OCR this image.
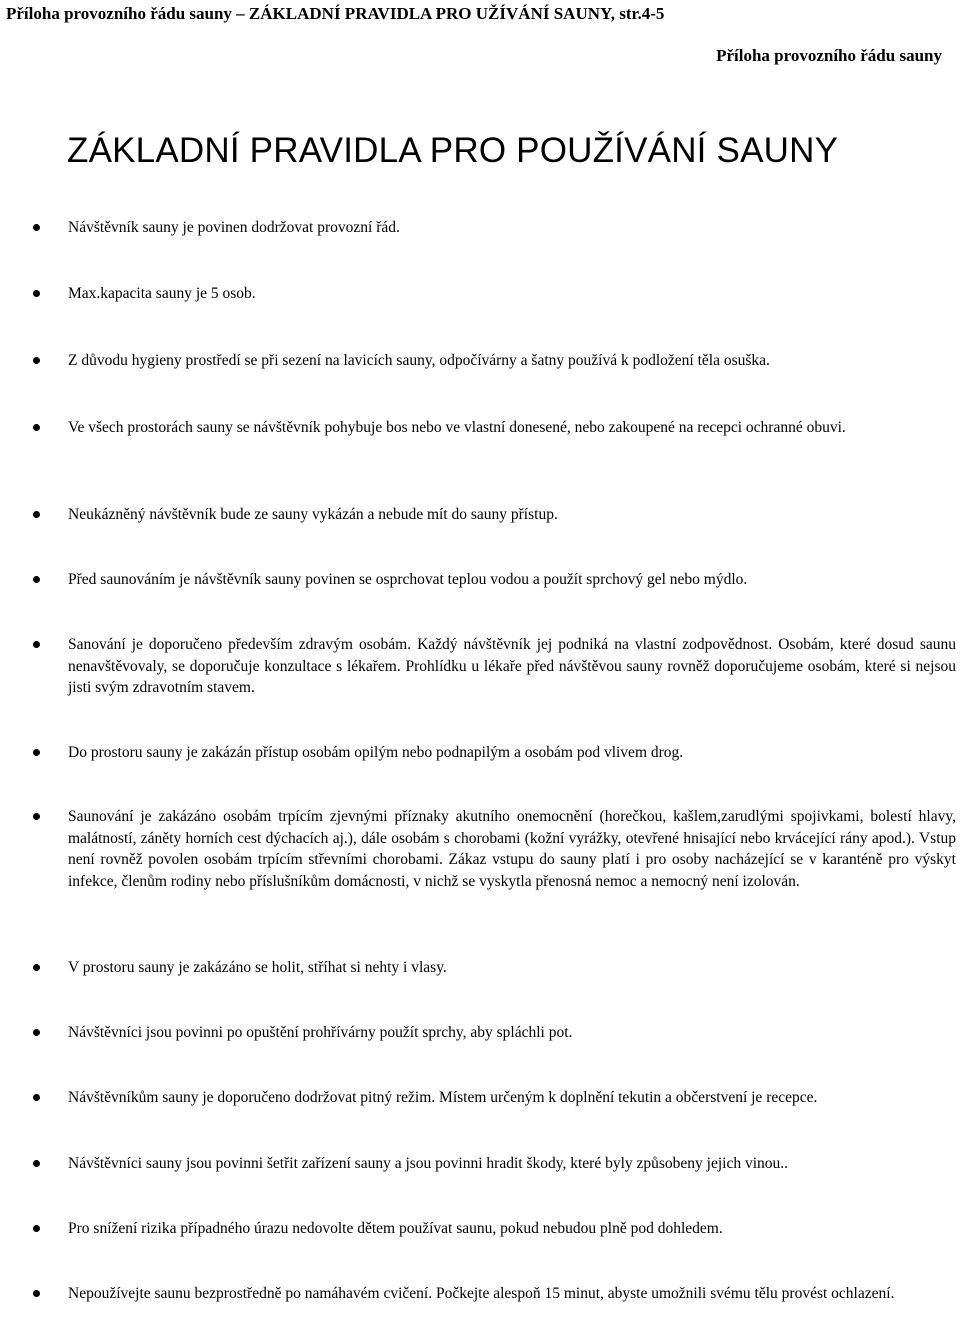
Příloha provozního řádu sauny – ZÁKLADNÍ PRAVIDLA PRO UŽÍVÁNÍ SAUNY, str.4-5
Příloha provozního řádu sauny
ZÁKLADNÍ PRAVIDLA PRO POUŽÍVÁNÍ SAUNY

Návštěvník sauny je povinen dodržovat provozní řád.

Max.kapacita sauny je 5 osob.

Z důvodu hygieny prostředí se při sezení na lavicích sauny, odpočívárny a šatny používá k podložení těla osuška.

Ve všech prostorách sauny se návštěvník pohybuje bos nebo ve vlastní donesené, nebo zakoupené na recepci ochranné obuvi.

Neukázněný návštěvník bude ze sauny vykázán a nebude mít do sauny přístup.

Před saunováním je návštěvník sauny povinen se osprchovat teplou vodou a použít sprchový gel nebo mýdlo.

Sanování je doporučeno především zdravým osobám. Každý návštěvník jej podniká na vlastní zodpovědnost. Osobám, které dosud saunu nenavštěvovaly, se doporučuje konzultace s lékařem. Prohlídku u lékaře před návštěvou sauny rovněž doporučujeme osobám, které si nejsou jisti svým zdravotním stavem.

Do prostoru sauny je zakázán přístup osobám opilým nebo podnapilým a osobám pod vlivem drog.

Saunování je zakázáno osobám trpícím zjevnými příznaky akutního onemocnění (horečkou, kašlem,zarudlými spojivkami, bolestí hlavy, malátností, záněty horních cest dýchacích aj.), dále osobám s chorobami (kožní vyrážky, otevřené hnisající nebo krvácející rány apod.). Vstup není rovněž povolen osobám trpícím střevními chorobami. Zákaz vstupu do sauny platí i pro osoby nacházející se v karanténě pro výskyt infekce, členům rodiny nebo příslušníkům domácnosti, v nichž se vyskytla přenosná nemoc a nemocný není izolován.

V prostoru sauny je zakázáno se holit, stříhat si nehty i vlasy.

Návštěvníci jsou povinni po opuštění prohřívárny použít sprchy, aby spláchli pot.

Návštěvníkům sauny je doporučeno dodržovat pitný režim. Místem určeným k doplnění tekutin a občerstvení je recepce.

Návštěvníci sauny jsou povinni šetřit zařízení sauny a jsou povinni hradit škody, které byly způsobeny jejich vinou..

Pro snížení rizika případného úrazu nedovolte dětem používat saunu, pokud nebudou plně pod dohledem.

Nepoužívejte saunu bezprostředně po namáhavém cvičení. Počkejte alespoň 15 minut, abyste umožnili svému tělu provést ochlazení.
